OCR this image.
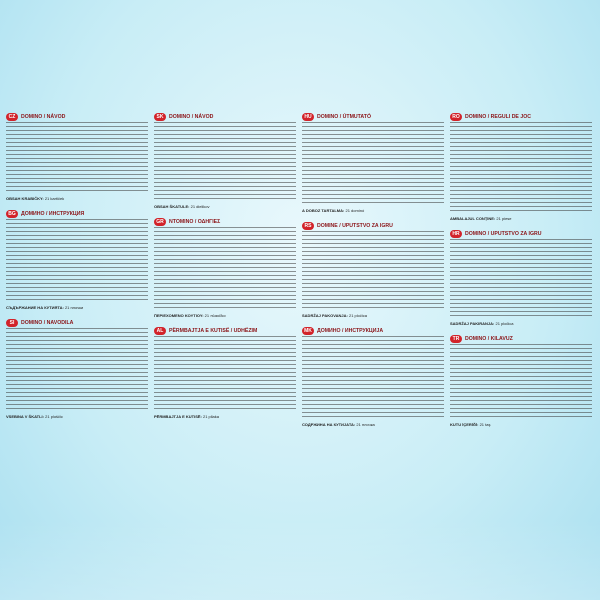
CZ	DOMINO / NÁVOD
OBSAH KRABIČKY: 21 kartiček
BG	ДОМИНО / ИНСТРУКЦИЯ
СЪДЪРЖАНИЕ НА КУТИЯТА: 21 плочки
SI	DOMINO / NAVODILA
VSEBINA V ŠKATLI: 21 ploščic
SK	DOMINO / NÁVOD
OBSAH ŠKATULE: 21 dielikov
GR	ΝΤΟΜΙΝΟ / ΟΔΗΓΙΕΣ
ΠΕΡΙΕΧΟΜΕΝΟ ΚΟΥΤΙΟΥ: 21 πλακίδια
AL	PËRMBAJTJA E KUTISË / UDHËZIM
PËRMBAJTJA E KUTISË: 21 pllaka
HU	DOMINO / ÚTMUTATÓ
A DOBOZ TARTALMA: 21 dominó
RS	DOMINE / UPUTSTVO ZA IGRU
SADRŽAJ PAKOVANJA: 21 pločica
MK ДОМИНО / ИНСТРУКЦИЈА
СОДРЖИНА НА КУТИЈАТА: 21 плочка
RO	DOMINO / REGULI DE JOC
AMBALAJUL CONȚINE: 21 piese
HR	DOMINO / UPUTSTVO ZA IGRU
SADRŽAJ PAKIRANJA: 21 pločica
TR	DOMINO / KILAVUZ
KUTU İÇERİĞİ: 21 taş
